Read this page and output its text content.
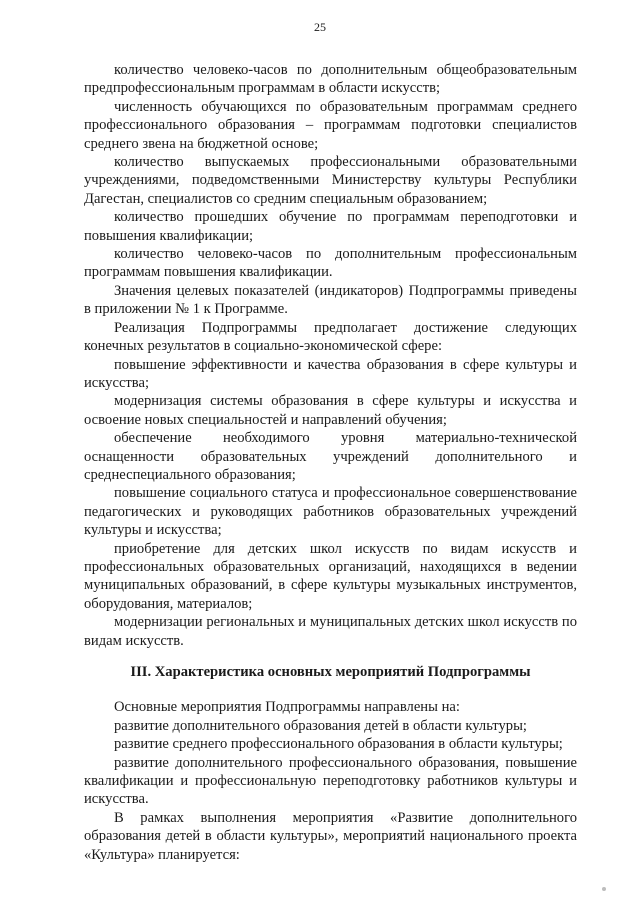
25

количество человеко-часов по дополнительным общеобразовательным предпрофессиональным программам в области искусств;

численность обучающихся по образовательным программам среднего профессионального образования – программам подготовки специалистов среднего звена на бюджетной основе;

количество выпускаемых профессиональными образовательными учреждениями, подведомственными Министерству культуры Республики Дагестан, специалистов со средним специальным образованием;

количество прошедших обучение по программам переподготовки и повышения квалификации;

количество человеко-часов по дополнительным профессиональным программам повышения квалификации.

Значения целевых показателей (индикаторов) Подпрограммы приведены в приложении № 1 к Программе.

Реализация Подпрограммы предполагает достижение следующих конечных результатов в социально-экономической сфере:

повышение эффективности и качества образования в сфере культуры и искусства;

модернизация системы образования в сфере культуры и искусства и освоение новых специальностей и направлений обучения;

обеспечение необходимого уровня материально-технической оснащенности образовательных учреждений дополнительного и среднеспециального образования;

повышение социального статуса и профессиональное совершенствование педагогических и руководящих работников образовательных учреждений культуры и искусства;

приобретение для детских школ искусств по видам искусств и профессиональных образовательных организаций, находящихся в ведении муниципальных образований, в сфере культуры музыкальных инструментов, оборудования, материалов;

модернизации региональных и муниципальных детских школ искусств по видам искусств.

III. Характеристика основных мероприятий Подпрограммы

Основные мероприятия Подпрограммы направлены на:

развитие дополнительного образования детей в области культуры;

развитие среднего профессионального образования в области культуры;

развитие дополнительного профессионального образования, повышение квалификации и профессиональную переподготовку работников культуры и искусства.

В рамках выполнения мероприятия «Развитие дополнительного образования детей в области культуры», мероприятий национального проекта «Культура» планируется:
